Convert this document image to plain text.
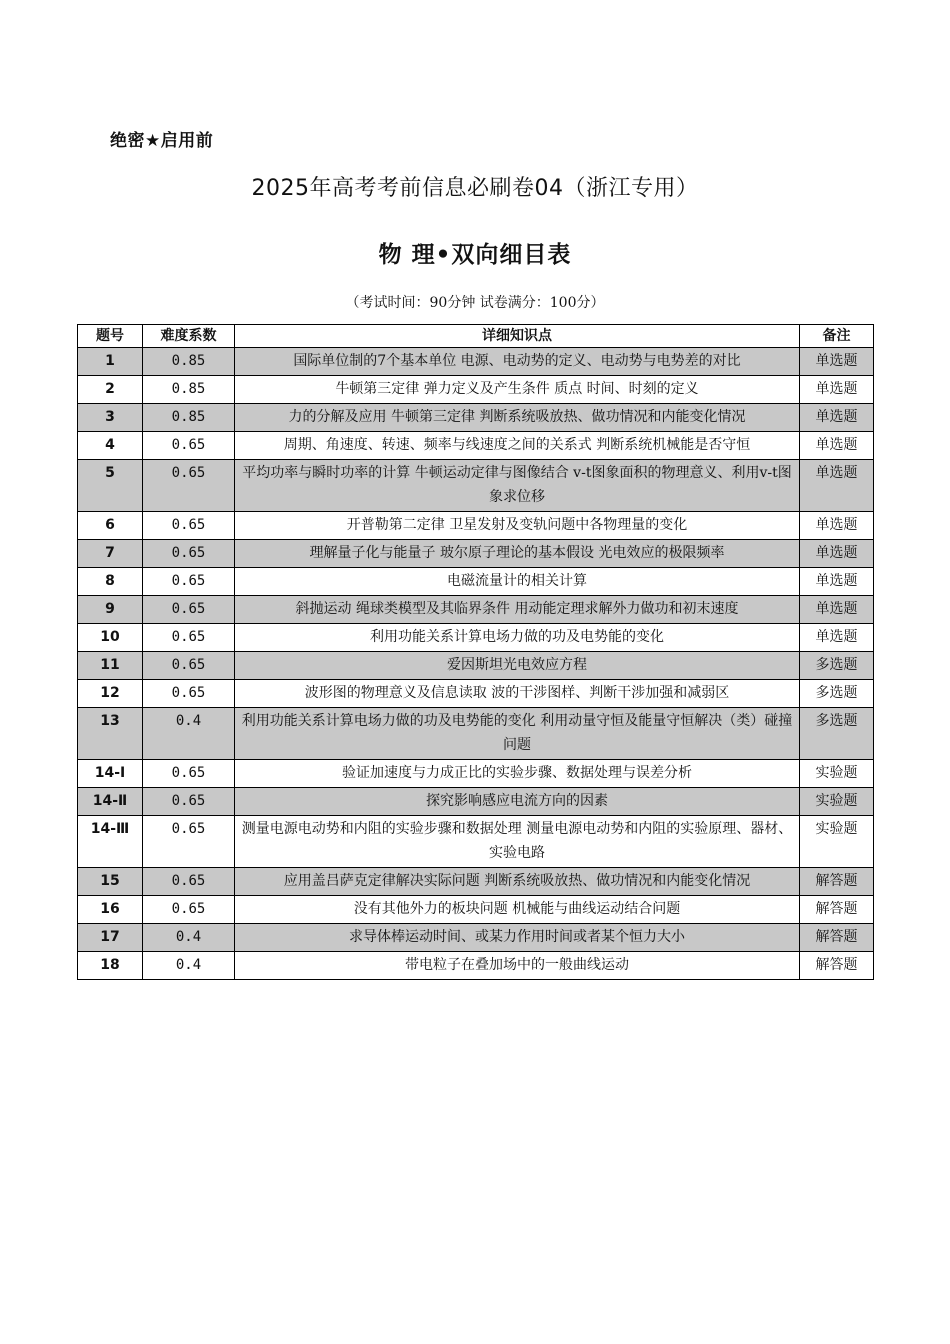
绝密★启用前
2025年高考考前信息必刷卷04（浙江专用）
物 理•双向细目表
（考试时间：90分钟 试卷满分：100分）
题号	难度系数	详细知识点	备注
1	0.85	国际单位制的7个基本单位 电源、电动势的定义、电动势与电势差的对比	单选题
2	0.85	牛顿第三定律 弹力定义及产生条件 质点 时间、时刻的定义	单选题
3	0.85	力的分解及应用 牛顿第三定律 判断系统吸放热、做功情况和内能变化情况	单选题
4	0.65	周期、角速度、转速、频率与线速度之间的关系式 判断系统机械能是否守恒	单选题
5	0.65	平均功率与瞬时功率的计算 牛顿运动定律与图像结合 v-t图象面积的物理意义、利用v-t图象求位移	单选题
6	0.65	开普勒第二定律 卫星发射及变轨问题中各物理量的变化	单选题
7	0.65	理解量子化与能量子 玻尔原子理论的基本假设 光电效应的极限频率	单选题
8	0.65	电磁流量计的相关计算	单选题
9	0.65	斜抛运动 绳球类模型及其临界条件 用动能定理求解外力做功和初末速度	单选题
10	0.65	利用功能关系计算电场力做的功及电势能的变化	单选题
11	0.65	爱因斯坦光电效应方程	多选题
12	0.65	波形图的物理意义及信息读取 波的干涉图样、判断干涉加强和减弱区	多选题
13	0.4	利用功能关系计算电场力做的功及电势能的变化 利用动量守恒及能量守恒解决（类）碰撞问题	多选题
14-Ⅰ	0.65	验证加速度与力成正比的实验步骤、数据处理与误差分析	实验题
14-Ⅱ	0.65	探究影响感应电流方向的因素	实验题
14-Ⅲ	0.65	测量电源电动势和内阻的实验步骤和数据处理 测量电源电动势和内阻的实验原理、器材、实验电路	实验题
15	0.65	应用盖吕萨克定律解决实际问题 判断系统吸放热、做功情况和内能变化情况	解答题
16	0.65	没有其他外力的板块问题 机械能与曲线运动结合问题	解答题
17	0.4	求导体棒运动时间、或某力作用时间或者某个恒力大小	解答题
18	0.4	带电粒子在叠加场中的一般曲线运动	解答题
